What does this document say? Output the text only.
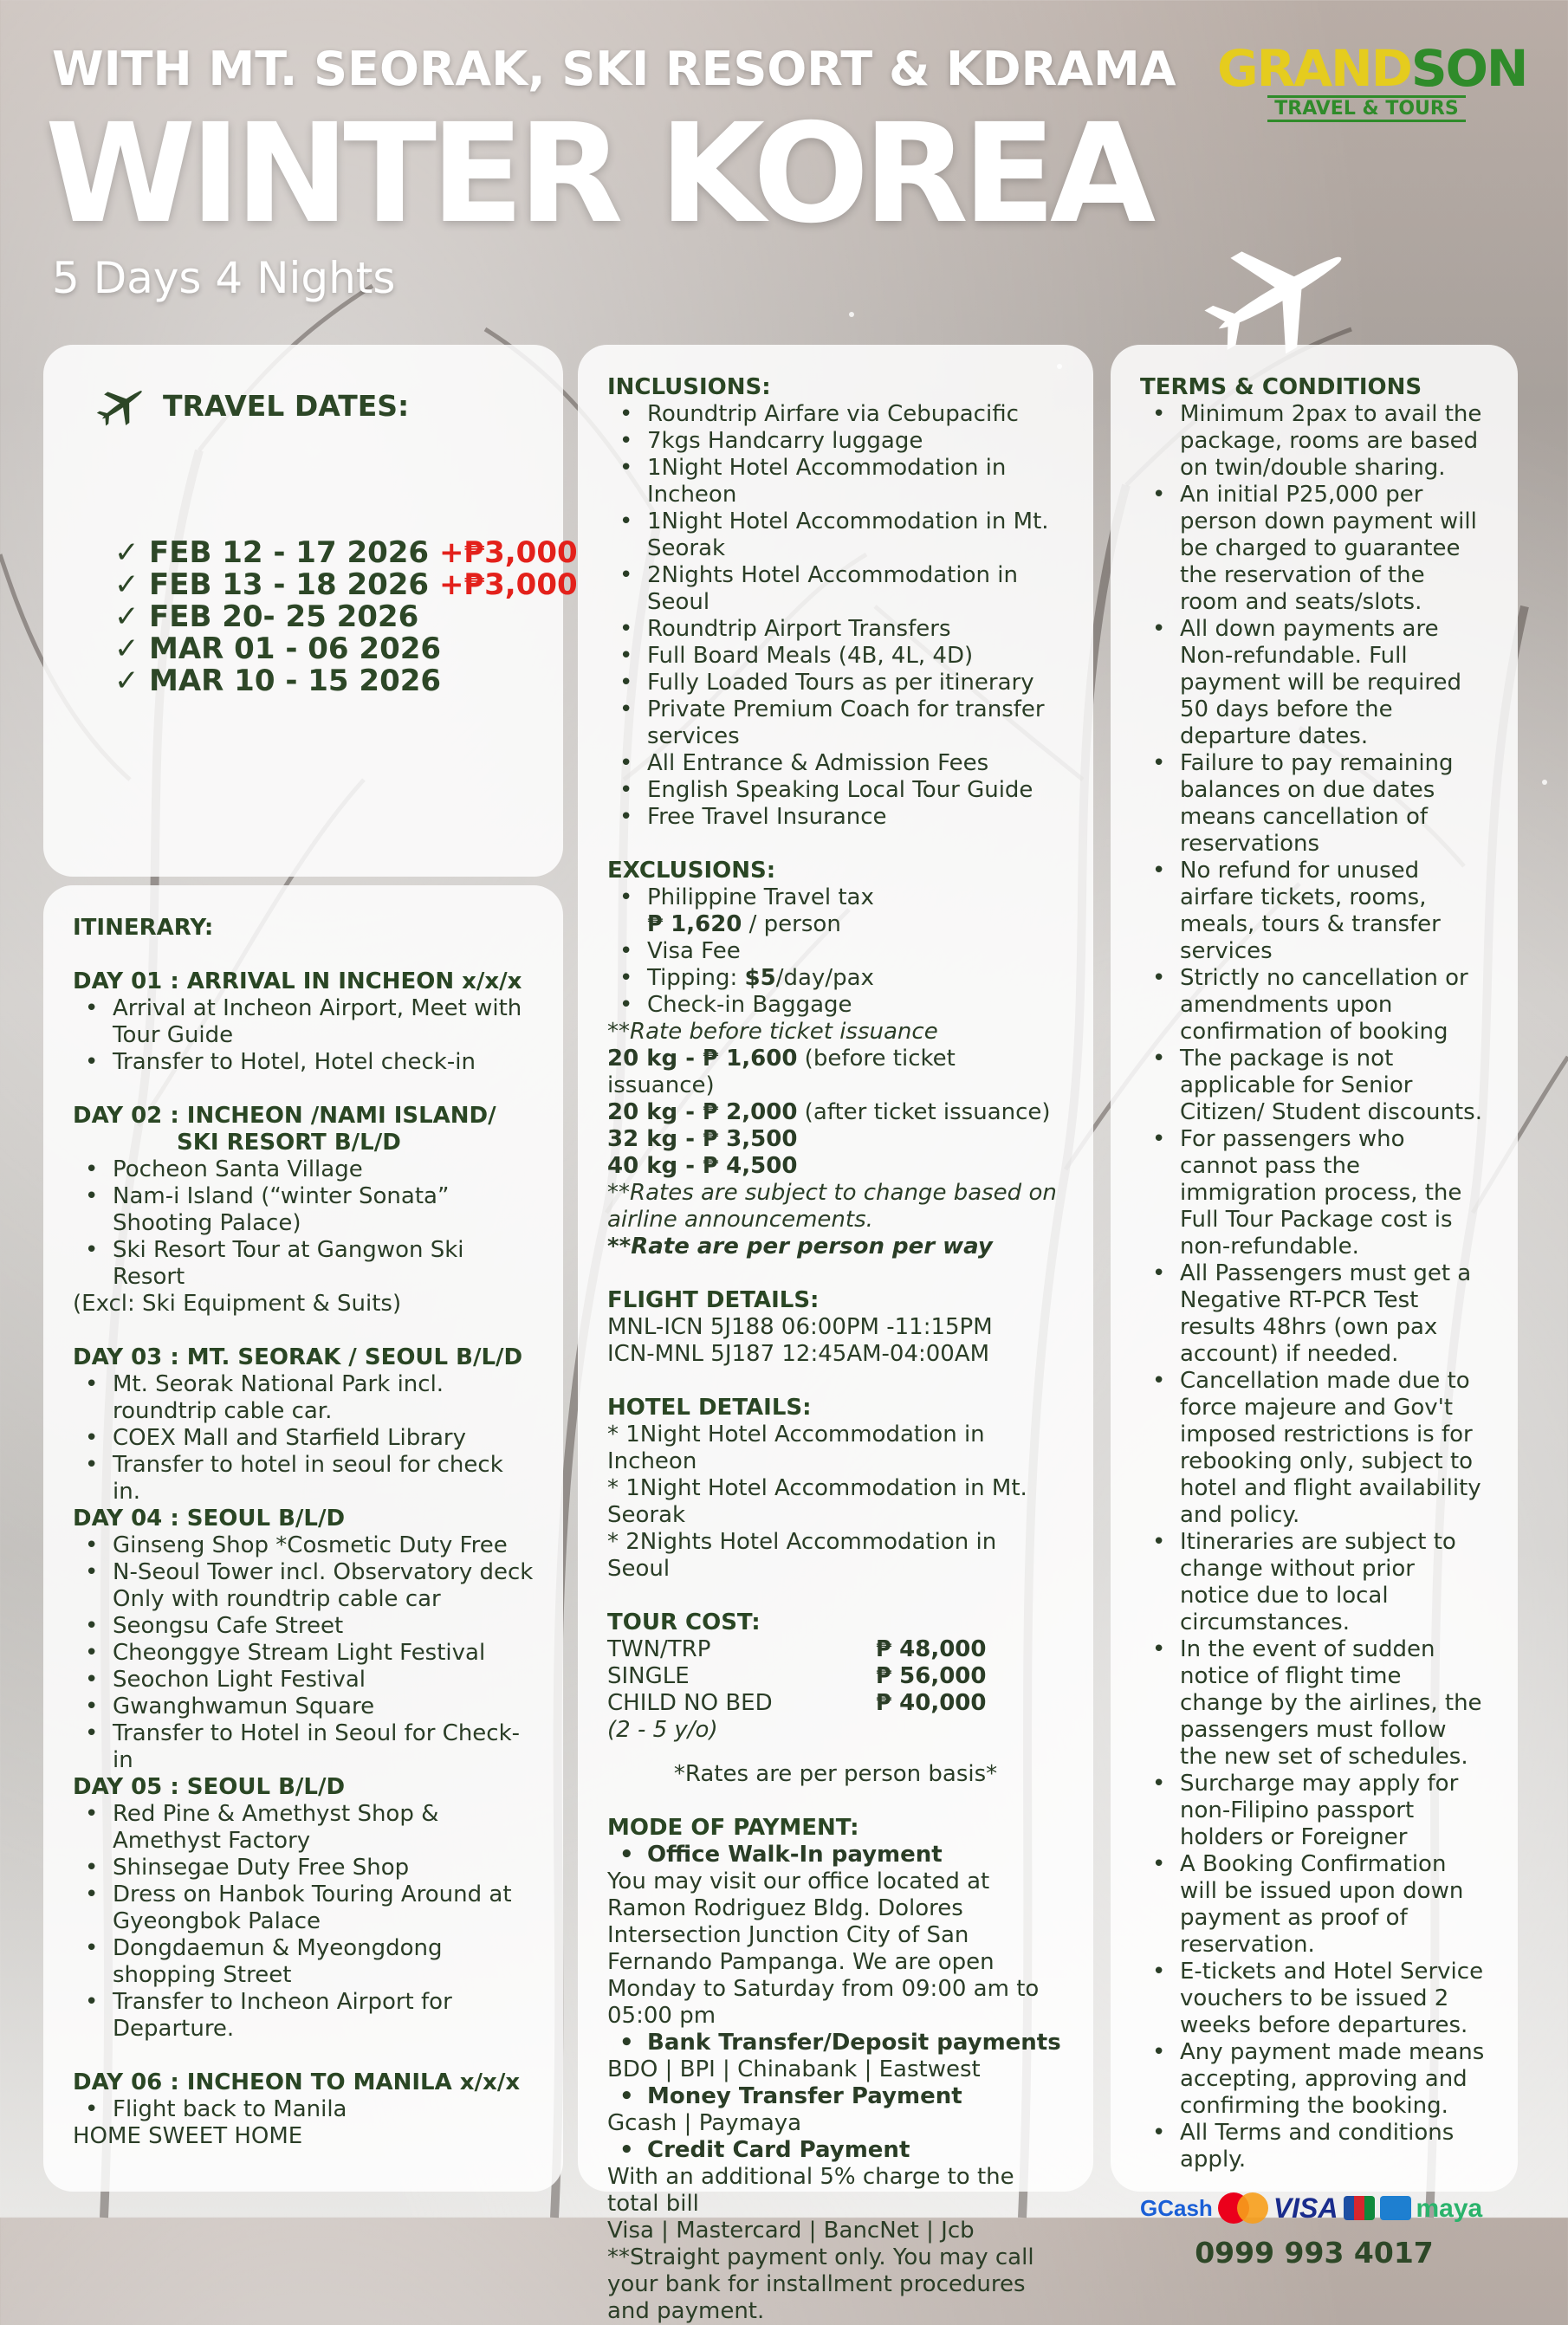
WITH MT. SEORAK, SKI RESORT & KDRAMA
WINTER KOREA
5 Days 4 Nights
GRANDSON
TRAVEL & TOURS
TRAVEL DATES:
✓ FEB 12 - 17 2026 +₱3,000
✓ FEB 13 - 18 2026 +₱3,000
✓ FEB 20- 25 2026
✓ MAR 01 - 06 2026
✓ MAR 10 - 15 2026
ITINERARY:
DAY 01 : ARRIVAL IN INCHEON x/x/x
• Arrival at Incheon Airport, Meet with Tour Guide
• Transfer to Hotel, Hotel check-in
DAY 02 : INCHEON /NAMI ISLAND/
SKI RESORT B/L/D
• Pocheon Santa Village
• Nam-i Island (“winter Sonata” Shooting Palace)
• Ski Resort Tour at Gangwon Ski Resort
(Excl: Ski Equipment & Suits)
DAY 03 : MT. SEORAK / SEOUL B/L/D
• Mt. Seorak National Park incl. roundtrip cable car.
• COEX Mall and Starfield Library
• Transfer to hotel in seoul for check in.
DAY 04 : SEOUL B/L/D
• Ginseng Shop *Cosmetic Duty Free
• N-Seoul Tower incl. Observatory deck Only with roundtrip cable car
• Seongsu Cafe Street
• Cheonggye Stream Light Festival
• Seochon Light Festival
• Gwanghwamun Square
• Transfer to Hotel in Seoul for Check-in
DAY 05 : SEOUL B/L/D
• Red Pine & Amethyst Shop & Amethyst Factory
• Shinsegae Duty Free Shop
• Dress on Hanbok Touring Around at Gyeongbok Palace
• Dongdaemun & Myeongdong shopping Street
• Transfer to Incheon Airport for Departure.
DAY 06 : INCHEON TO MANILA x/x/x
• Flight back to Manila
HOME SWEET HOME
INCLUSIONS:
• Roundtrip Airfare via Cebupacific
• 7kgs Handcarry luggage
• 1Night Hotel Accommodation in Incheon
• 1Night Hotel Accommodation in Mt. Seorak
• 2Nights Hotel Accommodation in Seoul
• Roundtrip Airport Transfers
• Full Board Meals (4B, 4L, 4D)
• Fully Loaded Tours as per itinerary
• Private Premium Coach for transfer services
• All Entrance & Admission Fees
• English Speaking Local Tour Guide
• Free Travel Insurance
EXCLUSIONS:
• Philippine Travel tax
₱ 1,620 / person
• Visa Fee
• Tipping: $5/day/pax
• Check-in Baggage
**Rate before ticket issuance
20 kg - ₱ 1,600 (before ticket issuance)
20 kg - ₱ 2,000 (after ticket issuance)
32 kg - ₱ 3,500
40 kg - ₱ 4,500
**Rates are subject to change based on airline announcements.
**Rate are per person per way
FLIGHT DETAILS:
MNL-ICN 5J188 06:00PM -11:15PM
ICN-MNL 5J187 12:45AM-04:00AM
HOTEL DETAILS:
* 1Night Hotel Accommodation in Incheon
* 1Night Hotel Accommodation in Mt. Seorak
* 2Nights Hotel Accommodation in Seoul
TOUR COST:
TWN/TRP	₱ 48,000
SINGLE	₱ 56,000
CHILD NO BED	₱ 40,000
(2 - 5 y/o)
*Rates are per person basis*
MODE OF PAYMENT:
• Office Walk-In payment
You may visit our office located at Ramon Rodriguez Bldg. Dolores Intersection Junction City of San Fernando Pampanga. We are open Monday to Saturday from 09:00 am to 05:00 pm
• Bank Transfer/Deposit payments
BDO | BPI | Chinabank | Eastwest
• Money Transfer Payment
Gcash | Paymaya
• Credit Card Payment
With an additional 5% charge to the total bill
Visa | Mastercard | BancNet | Jcb
**Straight payment only. You may call your bank for installment procedures and payment.
TERMS & CONDITIONS
• Minimum 2pax to avail the package, rooms are based on twin/double sharing.
• An initial P25,000 per person down payment will be charged to guarantee the reservation of the room and seats/slots.
• All down payments are Non-refundable. Full payment will be required 50 days before the departure dates.
• Failure to pay remaining balances on due dates means cancellation of reservations
• No refund for unused airfare tickets, rooms, meals, tours & transfer services
• Strictly no cancellation or amendments upon confirmation of booking
• The package is not applicable for Senior Citizen/ Student discounts.
• For passengers who cannot pass the immigration process, the Full Tour Package cost is non-refundable.
• All Passengers must get a Negative RT-PCR Test results 48hrs (own pax account) if needed.
• Cancellation made due to force majeure and Gov't imposed restrictions is for rebooking only, subject to hotel and flight availability and policy.
• Itineraries are subject to change without prior notice due to local circumstances.
• In the event of sudden notice of flight time change by the airlines, the passengers must follow the new set of schedules.
• Surcharge may apply for non-Filipino passport holders or Foreigner
• A Booking Confirmation will be issued upon down payment as proof of reservation.
• E-tickets and Hotel Service vouchers to be issued 2 weeks before departures.
• Any payment made means accepting, approving and confirming the booking.
• All Terms and conditions apply.
GCash VISA	maya
0999 993 4017
